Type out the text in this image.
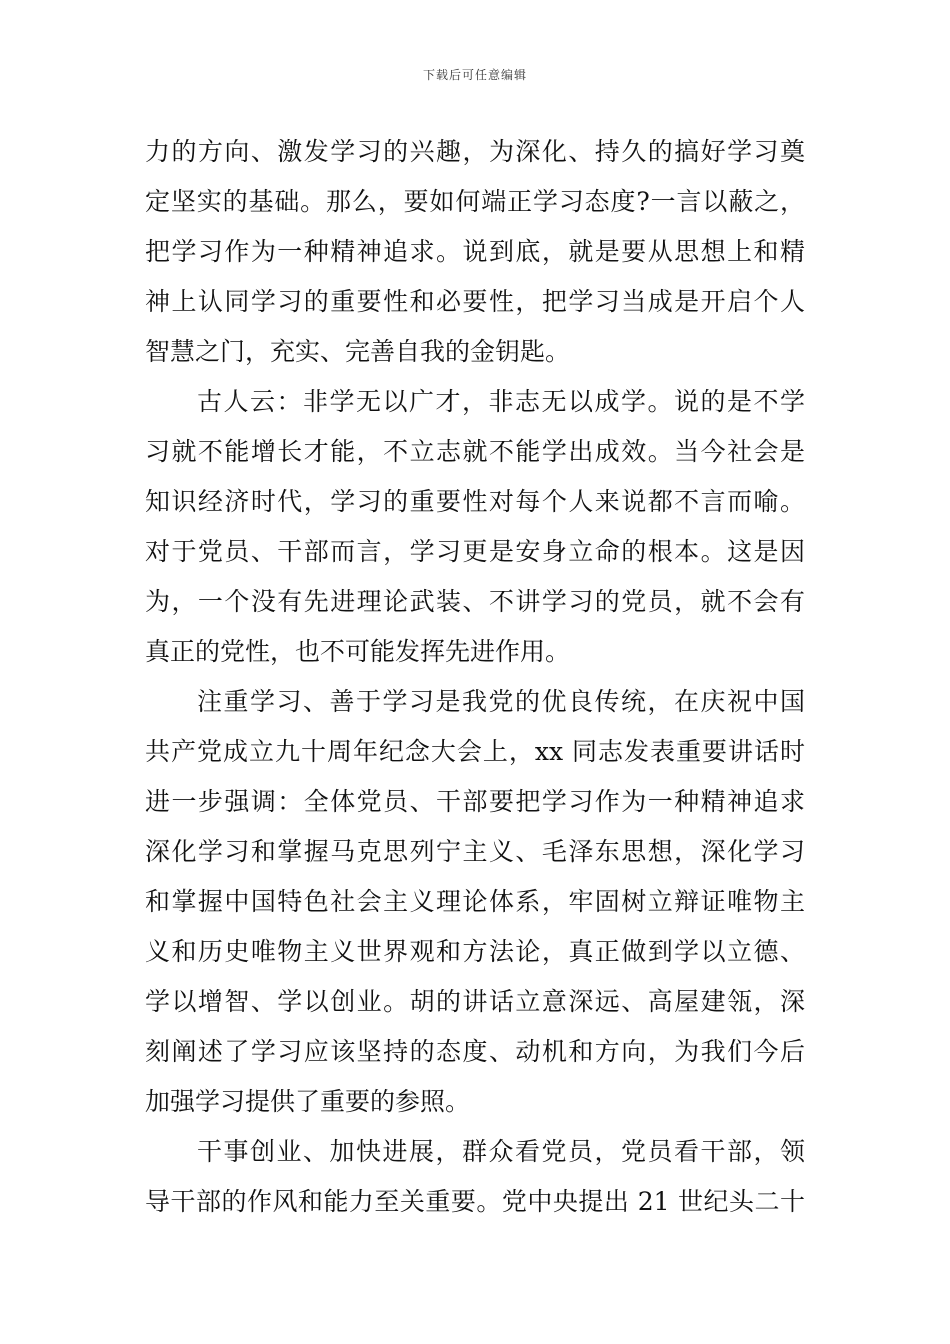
下载后可任意编辑
力的方向、激发学习的兴趣，为深化、持久的搞好学习奠
定坚实的基础。那么，要如何端正学习态度?一言以蔽之，
把学习作为一种精神追求。说到底，就是要从思想上和精
神上认同学习的重要性和必要性，把学习当成是开启个人
智慧之门，充实、完善自我的金钥匙。
古人云：非学无以广才，非志无以成学。说的是不学
习就不能增长才能，不立志就不能学出成效。当今社会是
知识经济时代，学习的重要性对每个人来说都不言而喻。
对于党员、干部而言，学习更是安身立命的根本。这是因
为，一个没有先进理论武装、不讲学习的党员，就不会有
真正的党性，也不可能发挥先进作用。
注重学习、善于学习是我党的优良传统，在庆祝中国
共产党成立九十周年纪念大会上，xx 同志发表重要讲话时
进一步强调：全体党员、干部要把学习作为一种精神追求
深化学习和掌握马克思列宁主义、毛泽东思想，深化学习
和掌握中国特色社会主义理论体系，牢固树立辩证唯物主
义和历史唯物主义世界观和方法论，真正做到学以立德、
学以增智、学以创业。胡的讲话立意深远、高屋建瓴，深
刻阐述了学习应该坚持的态度、动机和方向，为我们今后
加强学习提供了重要的参照。
干事创业、加快进展，群众看党员，党员看干部，领
导干部的作风和能力至关重要。党中央提出 21 世纪头二十
